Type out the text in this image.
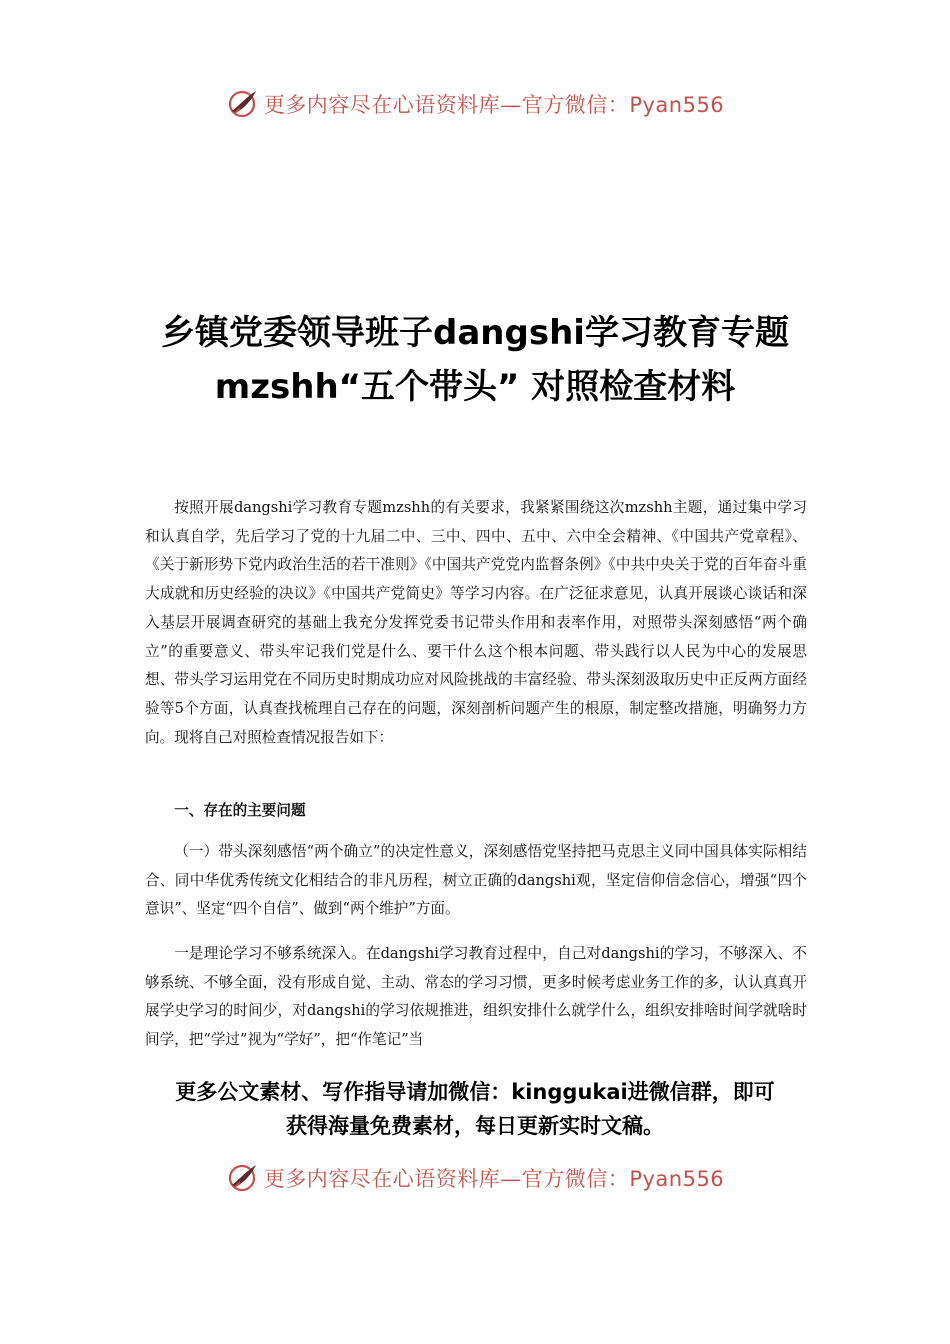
更多内容尽在心语资料库—官方微信：Pyan556
乡镇党委领导班子dangshi学习教育专题
mzshh“五个带头” 对照检查材料

按照开展dangshi学习教育专题mzshh的有关要求，我紧紧围绕这次mzshh主题，通过集中学习和认真自学，先后学习了党的十九届二中、三中、四中、五中、六中全会精神、《中国共产党章程》、《关于新形势下党内政治生活的若干准则》《中国共产党党内监督条例》《中共中央关于党的百年奋斗重大成就和历史经验的决议》《中国共产党简史》等学习内容。在广泛征求意见，认真开展谈心谈话和深入基层开展调查研究的基础上我充分发挥党委书记带头作用和表率作用，对照带头深刻感悟“两个确立”的重要意义、带头牢记我们党是什么、要干什么这个根本问题、带头践行以人民为中心的发展思想、带头学习运用党在不同历史时期成功应对风险挑战的丰富经验、带头深刻汲取历史中正反两方面经验等5个方面，认真查找梳理自己存在的问题，深刻剖析问题产生的根原，制定整改措施，明确努力方向。现将自己对照检查情况报告如下：

一、存在的主要问题

（一）带头深刻感悟“两个确立”的决定性意义，深刻感悟党坚持把马克思主义同中国具体实际相结合、同中华优秀传统文化相结合的非凡历程，树立正确的dangshi观，坚定信仰信念信心，增强“四个意识”、坚定“四个自信”、做到“两个维护”方面。

一是理论学习不够系统深入。在dangshi学习教育过程中，自己对dangshi的学习，不够深入、不够系统、不够全面，没有形成自觉、主动、常态的学习习惯，更多时候考虑业务工作的多，认认真真开展学史学习的时间少，对dangshi的学习依规推进，组织安排什么就学什么，组织安排啥时间学就啥时间学，把“学过”视为“学好”，把“作笔记”当

更多公文素材、写作指导请加微信：kinggukai进微信群，即可
获得海量免费素材，每日更新实时文稿。
更多内容尽在心语资料库—官方微信：Pyan556
